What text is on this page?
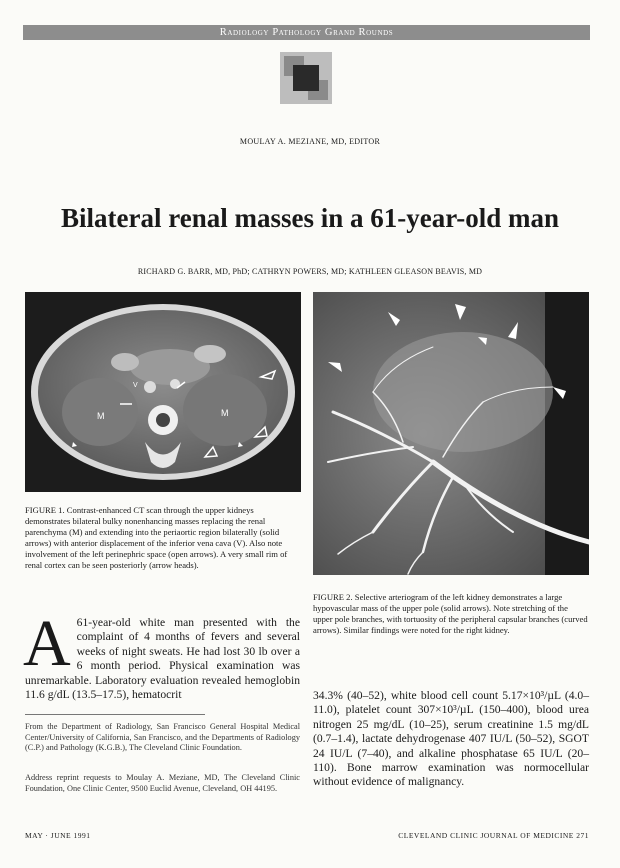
Radiology Pathology Grand Rounds
MOULAY A. MEZIANE, MD, EDITOR
Bilateral renal masses in a 61-year-old man
RICHARD G. BARR, MD, PhD; CATHRYN POWERS, MD; KATHLEEN GLEASON BEAVIS, MD
M	M
V
FIGURE 1. Contrast-enhanced CT scan through the upper kidneys demonstrates bilateral bulky nonenhancing masses replacing the renal parenchyma (M) and extending into the periaortic region bilaterally (solid arrows) with anterior displacement of the inferior vena cava (V). Also note involvement of the left perinephric space (open arrows). A very small rim of renal cortex can be seen posteriorly (arrow heads).
FIGURE 2. Selective arteriogram of the left kidney demonstrates a large hypovascular mass of the upper pole (solid arrows). Note stretching of the upper pole branches, with tortuosity of the peripheral capsular branches (curved arrows). Similar findings were noted for the right kidney.
A 61-year-old white man presented with the complaint of 4 months of fevers and several weeks of night sweats. He had lost 30 lb over a 6 month period. Physical examination was unremarkable. Laboratory evaluation revealed hemoglobin 11.6 g/dL (13.5–17.5), hematocrit
From the Department of Radiology, San Francisco General Hospital Medical Center/University of California, San Francisco, and the Departments of Radiology (C.P.) and Pathology (K.G.B.), The Cleveland Clinic Foundation.
Address reprint requests to Moulay A. Meziane, MD, The Cleveland Clinic Foundation, One Clinic Center, 9500 Euclid Avenue, Cleveland, OH 44195.
34.3% (40–52), white blood cell count 5.17×10³/µL (4.0–11.0), platelet count 307×10³/µL (150–400), blood urea nitrogen 25 mg/dL (10–25), serum creatinine 1.5 mg/dL (0.7–1.4), lactate dehydrogenase 407 IU/L (50–52), SGOT 24 IU/L (7–40), and alkaline phosphatase 65 IU/L (20–110). Bone marrow examination was normocellular without evidence of malignancy.
MAY · JUNE 1991	CLEVELAND CLINIC JOURNAL OF MEDICINE 271
